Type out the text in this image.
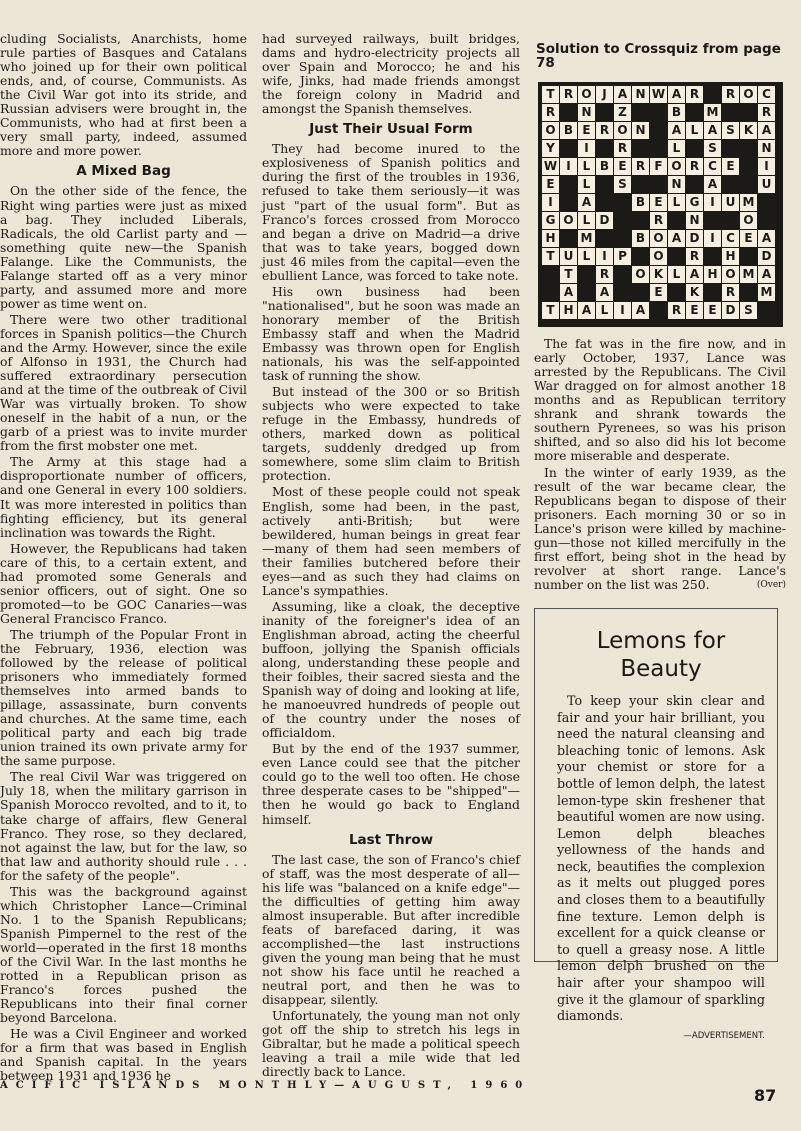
cluding Socialists, Anarchists, home rule parties of Basques and Catalans who joined up for their own political ends, and, of course, Communists. As the Civil War got into its stride, and Russian advisers were brought in, the Communists, who had at first been a very small party, indeed, assumed more and more power.

A Mixed Bag

On the other side of the fence, the Right wing parties were just as mixed a bag. They included Liberals, Radicals, the old Carlist party and —something quite new—the Spanish Falange. Like the Communists, the Falange started off as a very minor party, and assumed more and more power as time went on.

There were two other traditional forces in Spanish politics—the Church and the Army. However, since the exile of Alfonso in 1931, the Church had suffered extraordinary persecution and at the time of the outbreak of Civil War was virtually broken. To show oneself in the habit of a nun, or the garb of a priest was to invite murder from the first mobster one met.

The Army at this stage had a disproportionate number of officers, and one General in every 100 soldiers. It was more interested in politics than fighting efficiency, but its general inclination was towards the Right.

However, the Republicans had taken care of this, to a certain extent, and had promoted some Generals and senior officers, out of sight. One so promoted—to be GOC Canaries—was General Francisco Franco.

The triumph of the Popular Front in the February, 1936, election was followed by the release of political prisoners who immediately formed themselves into armed bands to pillage, assassinate, burn convents and churches. At the same time, each political party and each big trade union trained its own private army for the same purpose.

The real Civil War was triggered on July 18, when the military garrison in Spanish Morocco revolted, and to it, to take charge of affairs, flew General Franco. They rose, so they declared, not against the law, but for the law, so that law and authority should rule . . . for the safety of the people".

This was the background against which Christopher Lance—Criminal No. 1 to the Spanish Republicans; Spanish Pimpernel to the rest of the world—operated in the first 18 months of the Civil War. In the last months he rotted in a Republican prison as Franco's forces pushed the Republicans into their final corner beyond Barcelona.

He was a Civil Engineer and worked for a firm that was based in English and Spanish capital. In the years between 1931 and 1936 he

had surveyed railways, built bridges, dams and hydro-electricity projects all over Spain and Morocco; he and his wife, Jinks, had made friends amongst the foreign colony in Madrid and amongst the Spanish themselves.

Just Their Usual Form

They had become inured to the explosiveness of Spanish politics and during the first of the troubles in 1936, refused to take them seriously—it was just "part of the usual form". But as Franco's forces crossed from Morocco and began a drive on Madrid—a drive that was to take years, bogged down just 46 miles from the capital—even the ebullient Lance, was forced to take note.

His own business had been "nationalised", but he soon was made an honorary member of the British Embassy staff and when the Madrid Embassy was thrown open for English nationals, his was the self-appointed task of running the show.

But instead of the 300 or so British subjects who were expected to take refuge in the Embassy, hundreds of others, marked down as political targets, suddenly dredged up from somewhere, some slim claim to British protection.

Most of these people could not speak English, some had been, in the past, actively anti-British; but were bewildered, human beings in great fear—many of them had seen members of their families butchered before their eyes—and as such they had claims on Lance's sympathies.

Assuming, like a cloak, the deceptive inanity of the foreigner's idea of an Englishman abroad, acting the cheerful buffoon, jollying the Spanish officials along, understanding these people and their foibles, their sacred siesta and the Spanish way of doing and looking at life, he manoeuvred hundreds of people out of the country under the noses of officialdom.

But by the end of the 1937 summer, even Lance could see that the pitcher could go to the well too often. He chose three desperate cases to be "shipped"—then he would go back to England himself.

Last Throw

The last case, the son of Franco's chief of staff, was the most desperate of all—his life was "balanced on a knife edge"—the difficulties of getting him away almost insuperable. But after incredible feats of barefaced daring, it was accomplished—the last instructions given the young man being that he must not show his face until he reached a neutral port, and then he was to disappear, silently.

Unfortunately, the young man not only got off the ship to stretch his legs in Gibraltar, but he made a political speech leaving a trail a mile wide that led directly back to Lance.

Solution to Crossquiz from page 78
T R O J A N W A R	R O C
R	N	Z	B	M	R
O B E R O N	A L A S K A
Y	I	R	L	S	N
W I L B E R F O R C E	I
E	L	S	N	A	U
I	A	B E L G I U M
G O L D	R	N	O
H M	B O A D I C E A
T U L I P	O	R	H D
T	R	O K L A H O M A
A	A	E	K	R	M
T H A L I A	R E E D S

The fat was in the fire now, and in early October, 1937, Lance was arrested by the Republicans. The Civil War dragged on for almost another 18 months and as Republican territory shrank and shrank towards the southern Pyrenees, so was his prison shifted, and so also did his lot become more miserable and desperate.

In the winter of early 1939, as the result of the war became clear, the Republicans began to dispose of their prisoners. Each morning 30 or so in Lance's prison were killed by machine-gun—those not killed mercifully in the first effort, being shot in the head by revolver at short range. Lance's number on the list was 250.	(Over)

Lemons for Beauty

To keep your skin clear and fair and your hair brilliant, you need the natural cleansing and bleaching tonic of lemons. Ask your chemist or store for a bottle of lemon delph, the latest lemon-type skin freshener that beautiful women are now using. Lemon delph bleaches yellowness of the hands and neck, beautifies the complexion as it melts out plugged pores and closes them to a beautifully fine texture. Lemon delph is excellent for a quick cleanse or to quell a greasy nose. A little lemon delph brushed on the hair after your shampoo will give it the glamour of sparkling diamonds.

—ADVERTISEMENT.
ACIFIC ISLANDS MONTHLY—AUGUST, 1960
87
